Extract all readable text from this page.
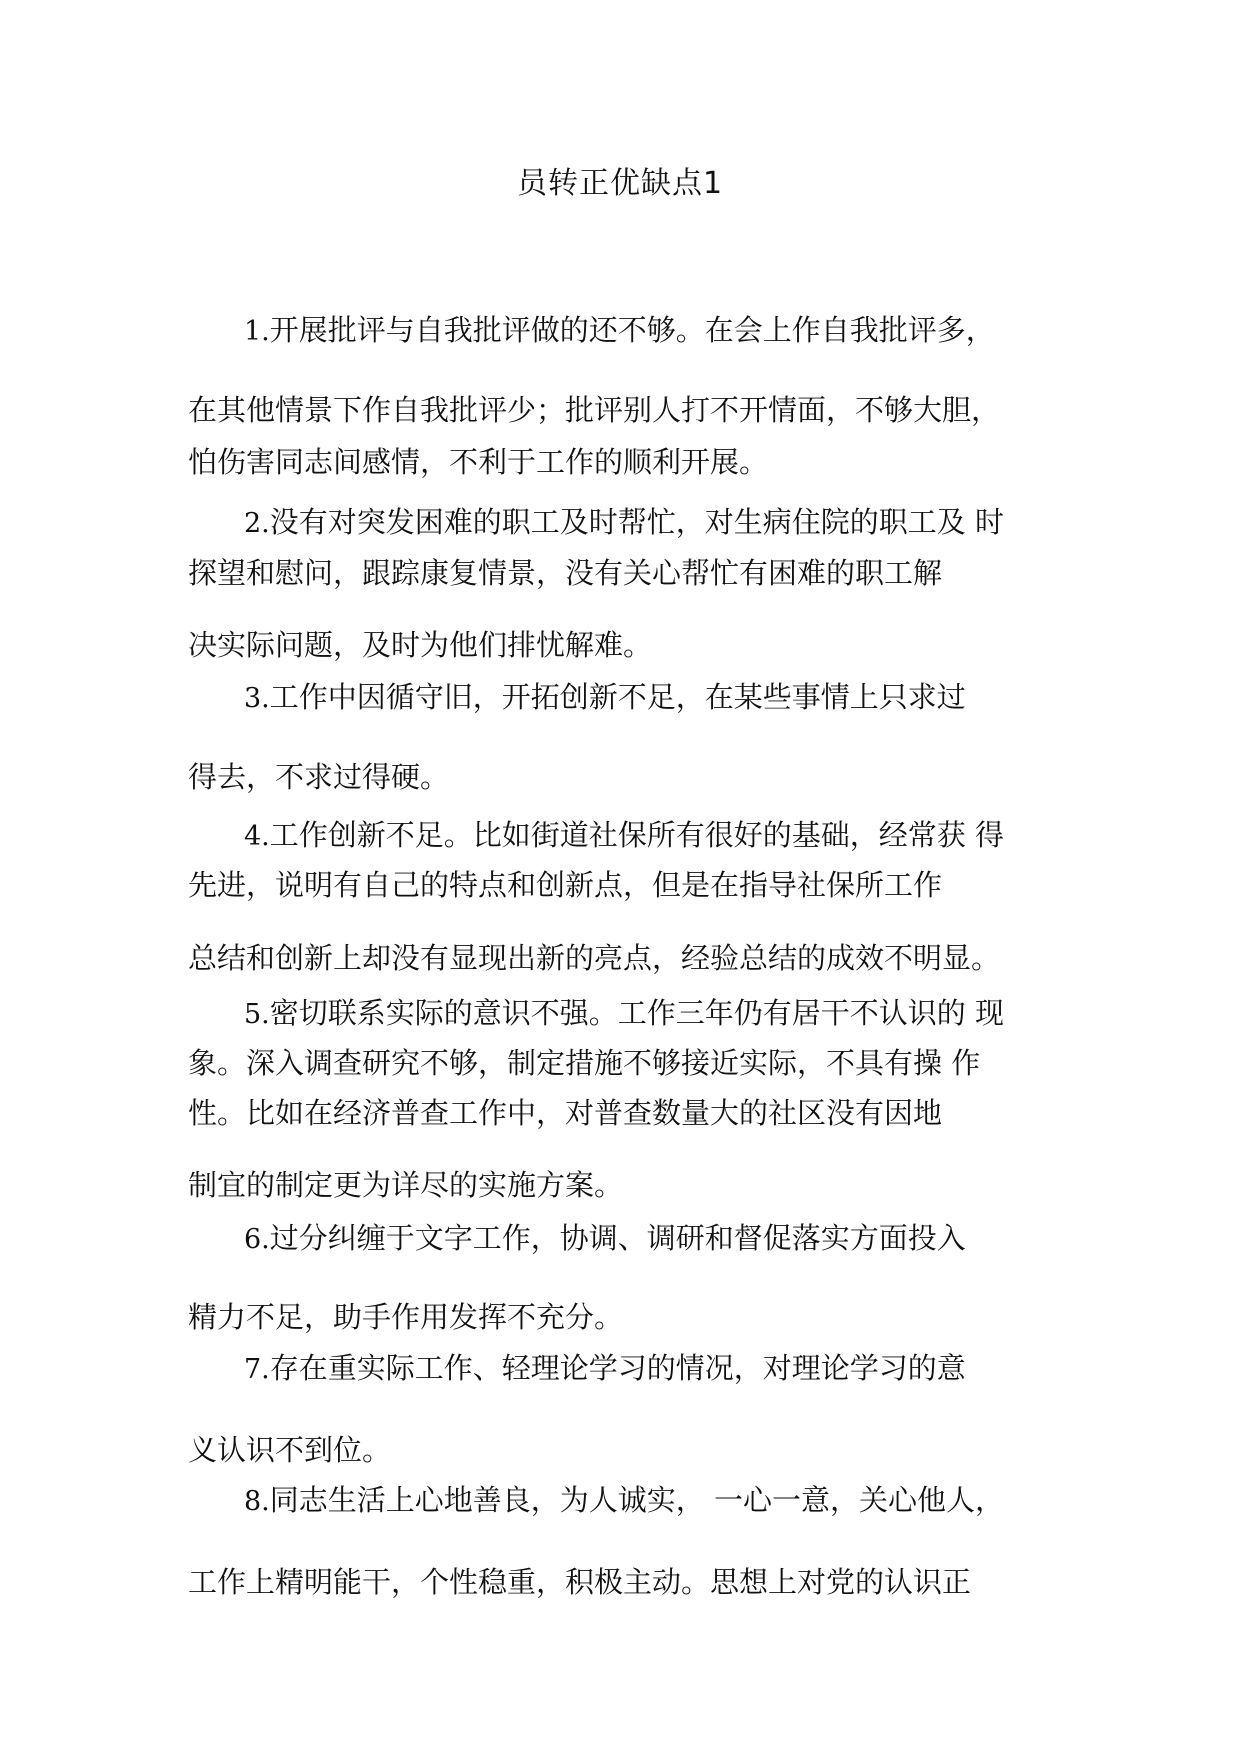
员转正优缺点1
1.开展批评与自我批评做的还不够。在会上作自我批评多，
在其他情景下作自我批评少；批评别人打不开情面，不够大胆，
怕伤害同志间感情，不利于工作的顺利开展。
2.没有对突发困难的职工及时帮忙，对生病住院的职工及 时
探望和慰问，跟踪康复情景，没有关心帮忙有困难的职工解
决实际问题，及时为他们排忧解难。
3.工作中因循守旧，开拓创新不足，在某些事情上只求过
得去，不求过得硬。
4.工作创新不足。比如街道社保所有很好的基础，经常获 得
先进，说明有自己的特点和创新点，但是在指导社保所工作
总结和创新上却没有显现出新的亮点，经验总结的成效不明显。
5.密切联系实际的意识不强。工作三年仍有居干不认识的 现
象。深入调查研究不够，制定措施不够接近实际，不具有操 作
性。比如在经济普查工作中，对普查数量大的社区没有因地
制宜的制定更为详尽的实施方案。
6.过分纠缠于文字工作，协调、调研和督促落实方面投入
精力不足，助手作用发挥不充分。
7.存在重实际工作、轻理论学习的情况，对理论学习的意
义认识不到位。
8.同志生活上心地善良，为人诚实， 一心一意，关心他人，
工作上精明能干，个性稳重，积极主动。思想上对党的认识正
